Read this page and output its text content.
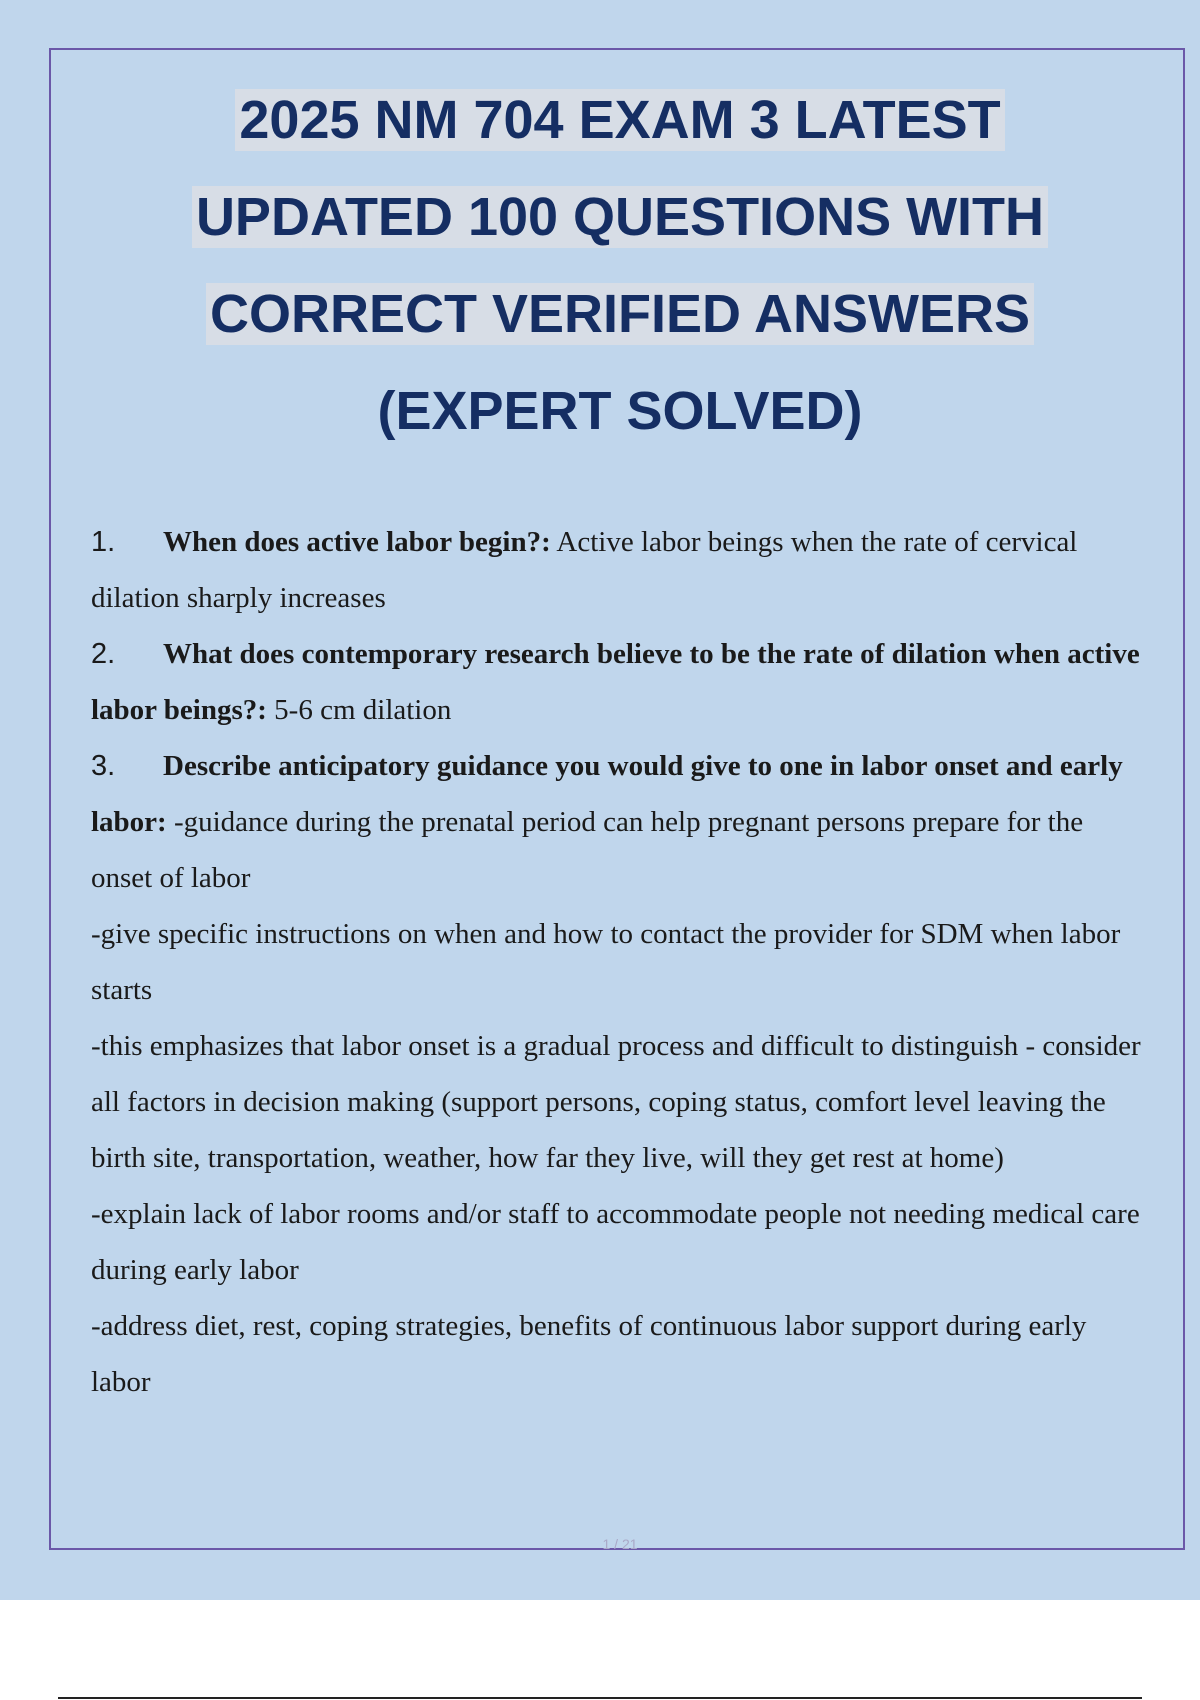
2025 NM 704 EXAM 3 LATEST
UPDATED 100 QUESTIONS WITH
CORRECT VERIFIED ANSWERS
(EXPERT SOLVED)

1. When does active labor begin?: Active labor beings when the rate of cervical dilation sharply increases

2. What does contemporary research believe to be the rate of dilation when active labor beings?: 5-6 cm dilation

3. Describe anticipatory guidance you would give to one in labor onset and early labor: -guidance during the prenatal period can help pregnant persons prepare for the onset of labor

-give specific instructions on when and how to contact the provider for SDM when labor starts

-this emphasizes that labor onset is a gradual process and difficult to distinguish - consider all factors in decision making (support persons, coping status, comfort level leaving the birth site, transportation, weather, how far they live, will they get rest at home)

-explain lack of labor rooms and/or staff to accommodate people not needing medical care during early labor

-address diet, rest, coping strategies, benefits of continuous labor support during early labor

1 / 21
